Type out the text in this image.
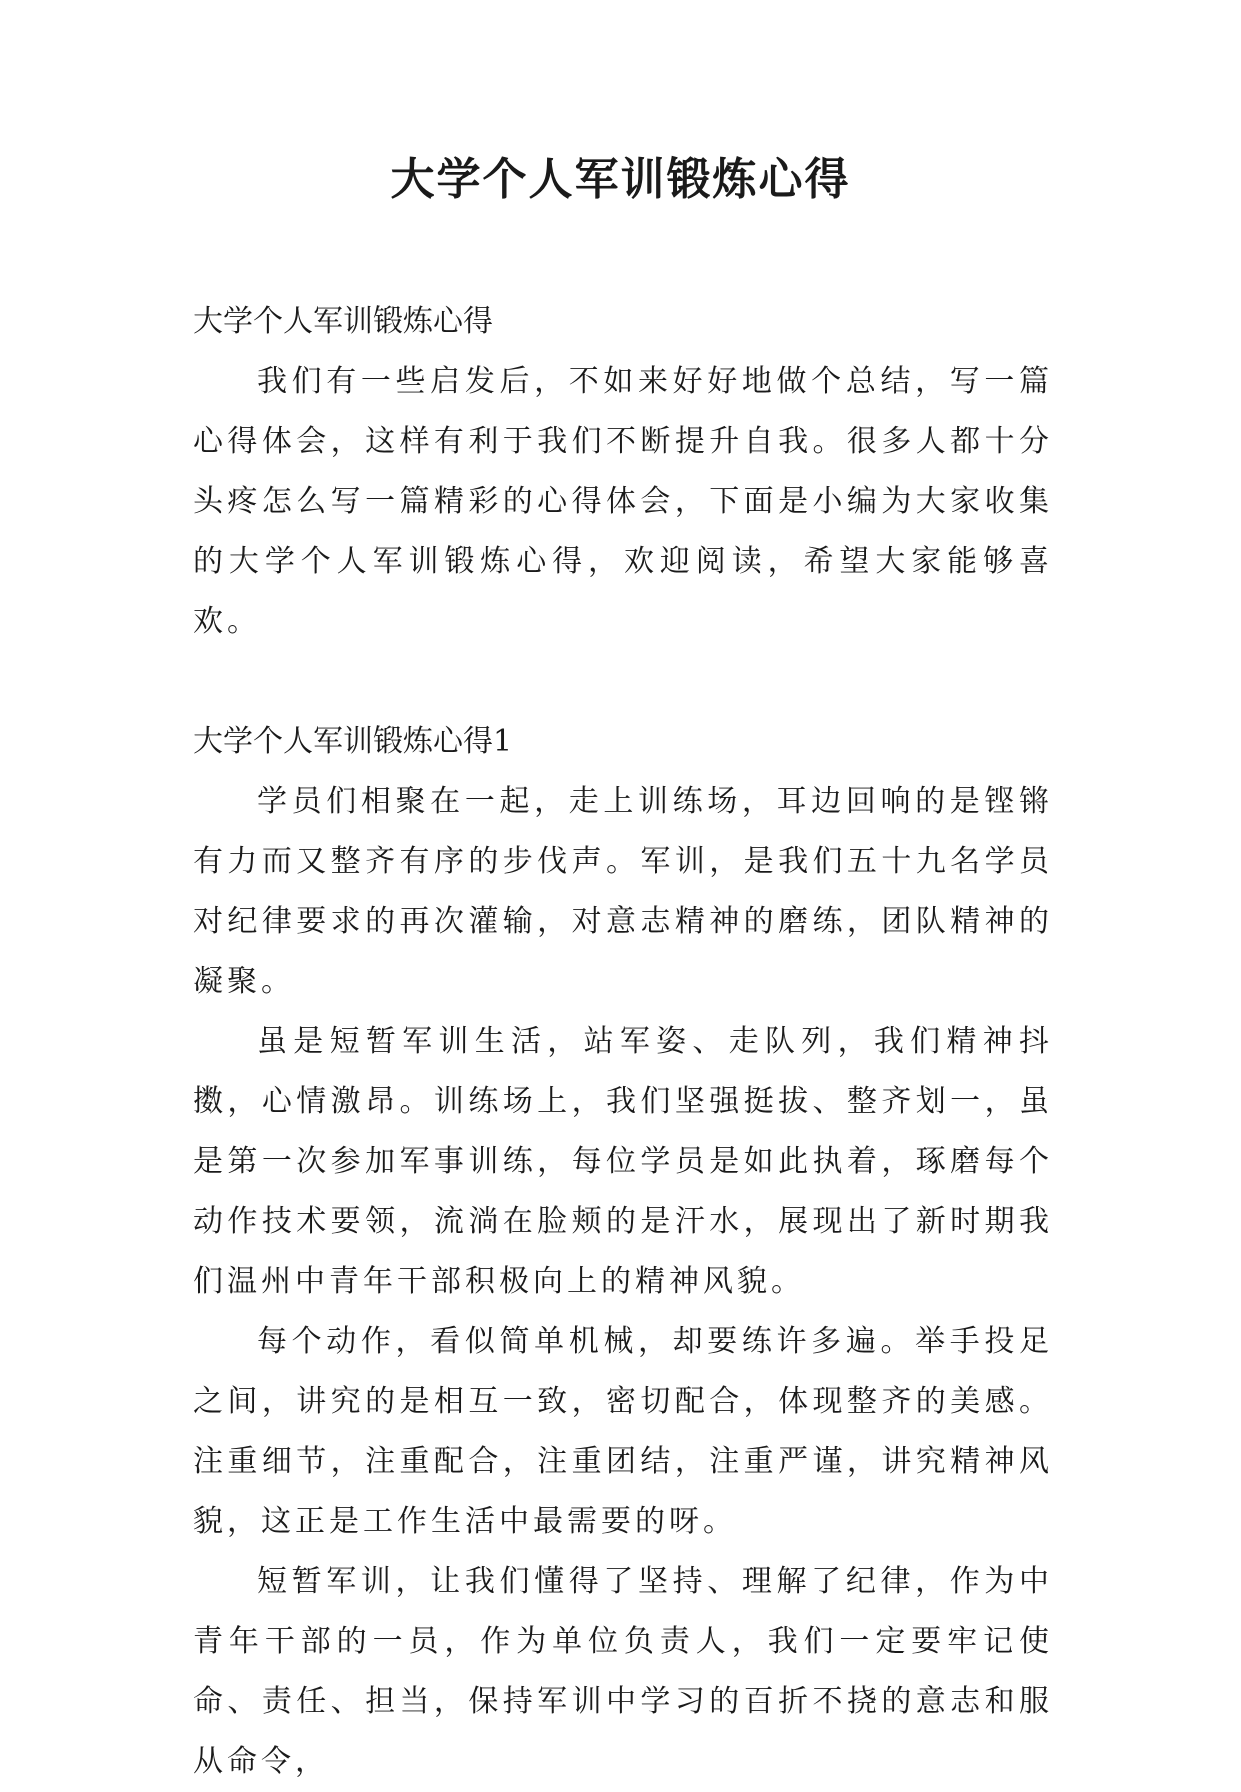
大学个人军训锻炼心得

大学个人军训锻炼心得

我们有一些启发后，不如来好好地做个总结，写一篇心得体会，这样有利于我们不断提升自我。很多人都十分头疼怎么写一篇精彩的心得体会，下面是小编为大家收集的大学个人军训锻炼心得，欢迎阅读，希望大家能够喜欢。

大学个人军训锻炼心得1

学员们相聚在一起，走上训练场，耳边回响的是铿锵有力而又整齐有序的步伐声。军训，是我们五十九名学员对纪律要求的再次灌输，对意志精神的磨练，团队精神的凝聚。

虽是短暂军训生活，站军姿、走队列，我们精神抖擞，心情激昂。训练场上，我们坚强挺拔、整齐划一，虽是第一次参加军事训练，每位学员是如此执着，琢磨每个动作技术要领，流淌在脸颊的是汗水，展现出了新时期我们温州中青年干部积极向上的精神风貌。

每个动作，看似简单机械，却要练许多遍。举手投足之间，讲究的是相互一致，密切配合，体现整齐的美感。注重细节，注重配合，注重团结，注重严谨，讲究精神风貌，这正是工作生活中最需要的呀。

短暂军训，让我们懂得了坚持、理解了纪律，作为中青年干部的一员，作为单位负责人，我们一定要牢记使命、责任、担当，保持军训中学习的百折不挠的意志和服从命令，
